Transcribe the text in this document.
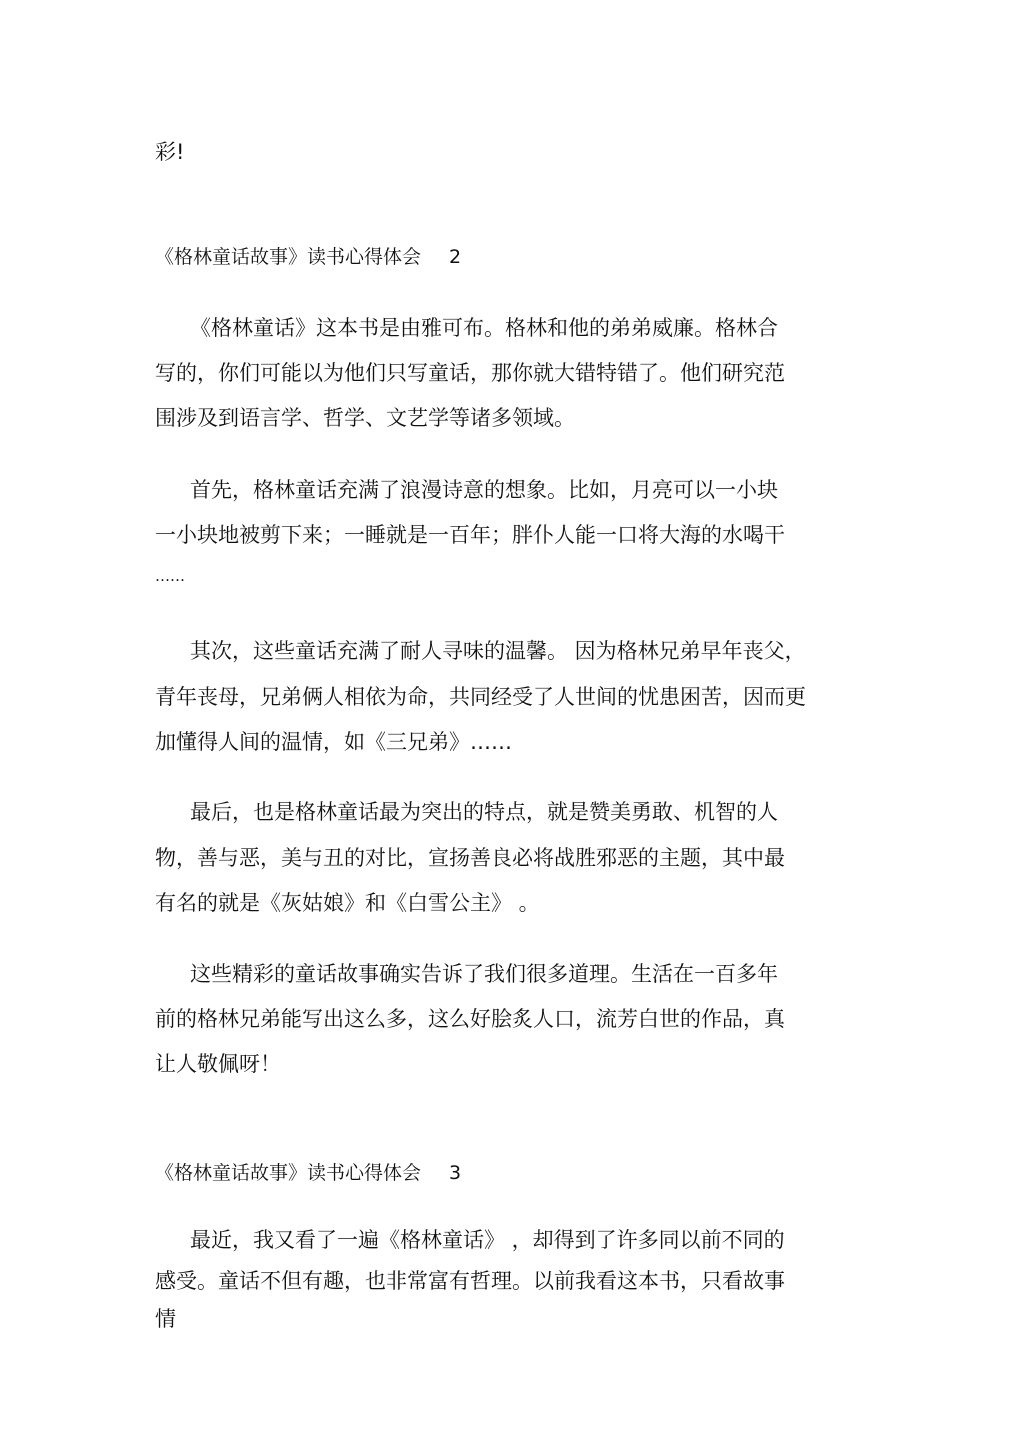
彩!
《格林童话故事》读书心得体会 2
《格林童话》这本书是由雅可布。格林和他的弟弟威廉。格林合
写的，你们可能以为他们只写童话，那你就大错特错了。他们研究范
围涉及到语言学、哲学、文艺学等诸多领域。
首先，格林童话充满了浪漫诗意的想象。比如，月亮可以一小块
一小块地被剪下来；一睡就是一百年；胖仆人能一口将大海的水喝干
……
其次，这些童话充满了耐人寻味的温馨。 因为格林兄弟早年丧父，
青年丧母，兄弟俩人相依为命，共同经受了人世间的忧患困苦，因而更
加懂得人间的温情，如《三兄弟》……
最后，也是格林童话最为突出的特点，就是赞美勇敢、机智的人
物，善与恶，美与丑的对比，宣扬善良必将战胜邪恶的主题，其中最
有名的就是《灰姑娘》和《白雪公主》 。
这些精彩的童话故事确实告诉了我们很多道理。生活在一百多年
前的格林兄弟能写出这么多，这么好脍炙人口，流芳白世的作品，真
让人敬佩呀！
《格林童话故事》读书心得体会 3
最近，我又看了一遍《格林童话》 ，却得到了许多同以前不同的
感受。童话不但有趣，也非常富有哲理。以前我看这本书，只看故事
情
